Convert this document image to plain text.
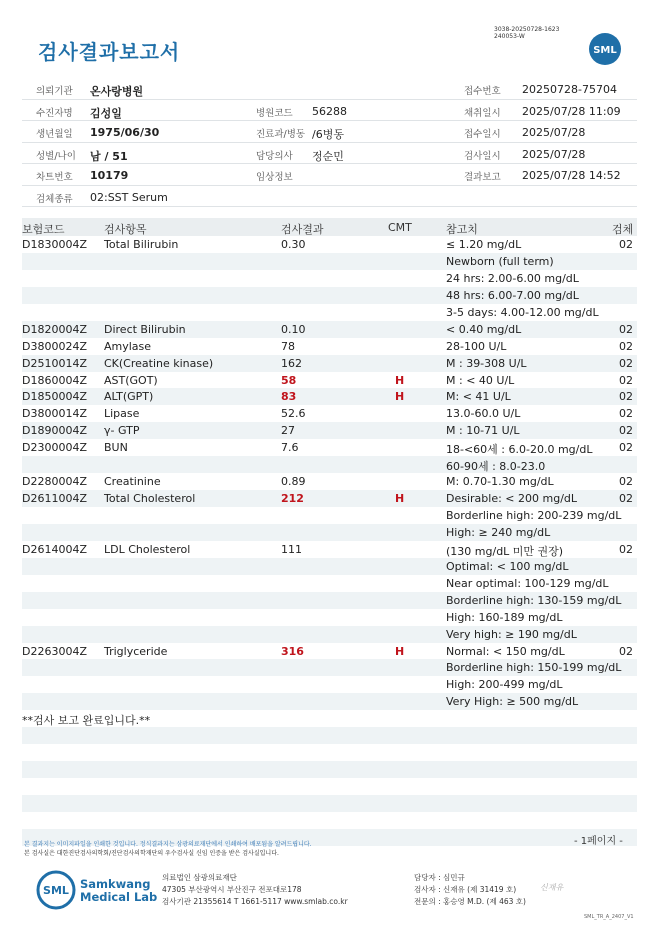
검사결과보고서
3038-20250728-1623
240053-W
SML
의뢰기관 온사랑병원	접수번호 20250728-75704
수진자명 김성일	병원코드 56288	채취일시 2025/07/28 11:09
생년월일 1975/06/30	진료과/병동 /6병동	접수일시 2025/07/28
성별/나이 남 / 51	담당의사 정순민	검사일시 2025/07/28
차트번호 10179	임상정보	결과보고 2025/07/28 14:52
검체종류 02:SST Serum
보험코드	검사항목	검사결과	CMT	참고치	검체
D1830004Z Total Bilirubin	0.30	≤ 1.20 mg/dL	02
Newborn (full term)
24 hrs: 2.00-6.00 mg/dL
48 hrs: 6.00-7.00 mg/dL
3-5 days: 4.00-12.00 mg/dL
D1820004Z Direct Bilirubin	0.10	< 0.40 mg/dL	02
D3800024Z Amylase	78	28-100 U/L	02
D2510014Z CK(Creatine kinase)	162	M : 39-308 U/L	02
D1860004Z AST(GOT)	58	H	M : < 40 U/L	02
D1850004Z ALT(GPT)	83	H	M: < 41 U/L	02
D3800014Z Lipase	52.6	13.0-60.0 U/L	02
D1890004Z γ- GTP	27	M : 10-71 U/L	02
D2300004Z BUN	7.6	18-<60세 : 6.0-20.0 mg/dL 02
60-90세 : 8.0-23.0
D2280004Z Creatinine	0.89	M: 0.70-1.30 mg/dL	02
D2611004Z Total Cholesterol	212	H	Desirable: < 200 mg/dL	02
Borderline high: 200-239 mg/dL
High: ≥ 240 mg/dL
D2614004Z LDL Cholesterol	111	(130 mg/dL 미만 권장)	02
Optimal: < 100 mg/dL
Near optimal: 100-129 mg/dL
Borderline high: 130-159 mg/dL
High: 160-189 mg/dL
Very high: ≥ 190 mg/dL
D2263004Z Triglyceride	316	H	Normal: < 150 mg/dL	02
Borderline high: 150-199 mg/dL
High: 200-499 mg/dL
Very High: ≥ 500 mg/dL
**검사 보고 완료입니다.**
- 1페이지 -
본 결과지는 이미지파일을 인쇄한 것입니다. 정식결과지는 삼광의료재단에서 인쇄하여 배포됨을 알려드립니다.
본 검사실은 대한진단검사의학회/진단검사의학재단의 우수검사실 신임 인증을 받은 검사실입니다.
SML Samkwang
Medical Lab
의료법인 삼광의료재단
47305 부산광역시 부산진구 전포대로178
검사기관 21355614 T 1661-5117 www.smlab.co.kr
담당자 : 심민규
검사자 : 신재유 (제 31419 호)
전문의 : 홍승영 M.D. (제 463 호)
신재유
SML_TR_A_2407_V1
